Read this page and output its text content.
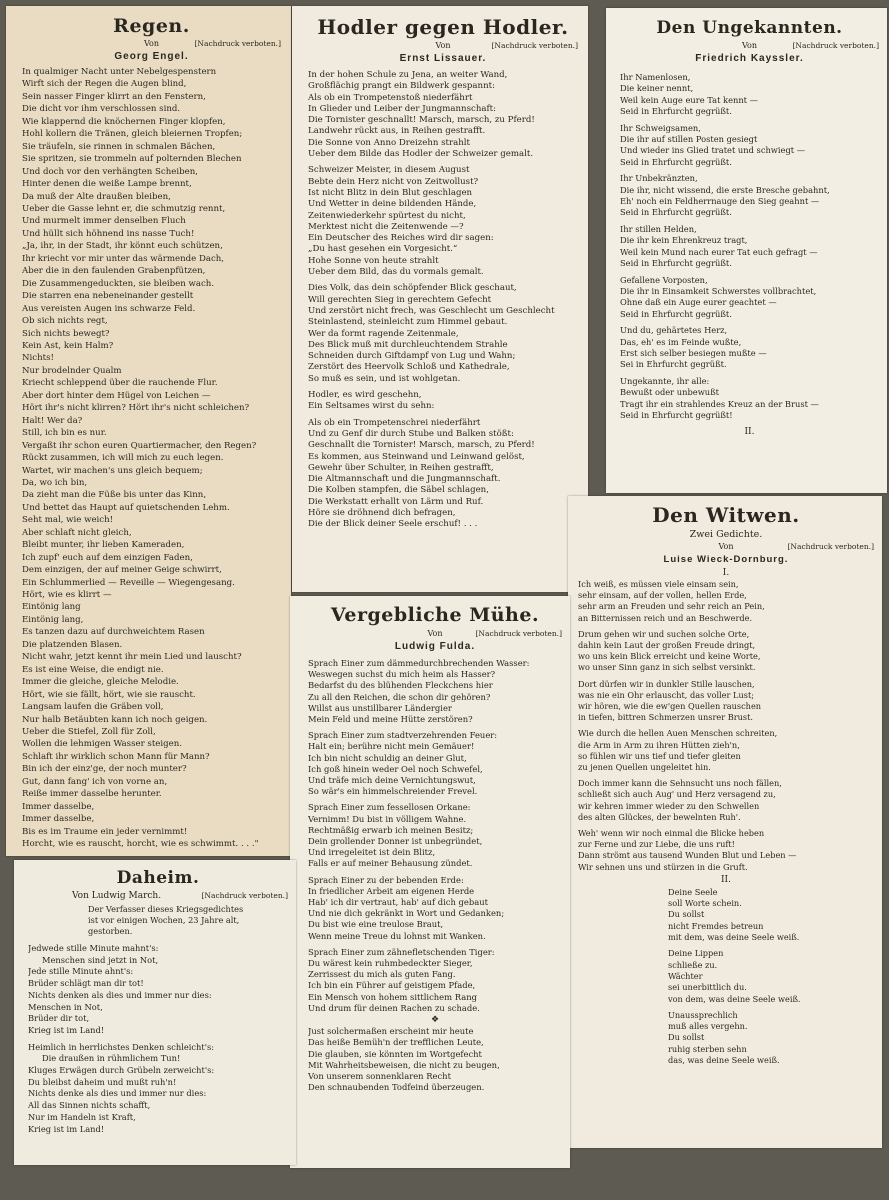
Regen.
Von	[Nachdruck verboten.]
Georg Engel.
In qualmiger Nacht unter Nebelgespenstern
Wirft sich der Regen die Augen blind,
Sein nasser Finger klirrt an den Fenstern,
Die dicht vor ihm verschlossen sind.
Wie klappernd die knöchernen Finger klopfen,
Hohl kollern die Tränen, gleich bleiernen Tropfen;
Sie träufeln, sie rinnen in schmalen Bächen,
Sie spritzen, sie trommeln auf polternden Blechen
Und doch vor den verhängten Scheiben,
Hinter denen die weiße Lampe brennt,
Da muß der Alte draußen bleiben,
Ueber die Gasse lehnt er, die schmutzig rennt,
Und murmelt immer denselben Fluch
Und hüllt sich höhnend ins nasse Tuch!
„Ja, ihr, in der Stadt, ihr könnt euch schützen,
Ihr kriecht vor mir unter das wärmende Dach,
Aber die in den faulenden Grabenpfützen,
Die Zusammengeduckten, sie bleiben wach.
Die starren ena nebeneinander gestellt
Aus vereisten Augen ins schwarze Feld.
Ob sich nichts regt,
Sich nichts bewegt?
Kein Ast, kein Halm?
Nichts!
Nur brodelnder Qualm
Kriecht schleppend über die rauchende Flur.
Aber dort hinter dem Hügel von Leichen —
Hört ihr's nicht klirren? Hört ihr's nicht schleichen?
Halt! Wer da?
Still, ich bin es nur.
Vergaßt ihr schon euren Quartiermacher, den Regen?
Rückt zusammen, ich will mich zu euch legen.
Wartet, wir machen's uns gleich bequem;
Da, wo ich bin,
Da zieht man die Füße bis unter das Kinn,
Und bettet das Haupt auf quietschenden Lehm.
Seht mal, wie weich!
Aber schlaft nicht gleich,
Bleibt munter, ihr lieben Kameraden,
Ich zupf' euch auf dem einzigen Faden,
Dem einzigen, der auf meiner Geige schwirrt,
Ein Schlummerlied — Reveille — Wiegengesang.
Hört, wie es klirrt —
Eintönig lang
Eintönig lang,
Es tanzen dazu auf durchweichtem Rasen
Die platzenden Blasen.
Nicht wahr, jetzt kennt ihr mein Lied und lauscht?
Es ist eine Weise, die endigt nie.
Immer die gleiche, gleiche Melodie.
Hört, wie sie fällt, hört, wie sie rauscht.
Langsam laufen die Gräben voll,
Nur halb Betäubten kann ich noch geigen.
Ueber die Stiefel, Zoll für Zoll,
Wollen die lehmigen Wasser steigen.
Schlaft ihr wirklich schon Mann für Mann?
Bin ich der einz'ge, der noch munter?
Gut, dann fang' ich von vorne an,
Reiße immer dasselbe herunter.
Immer dasselbe,
Immer dasselbe,
Bis es im Traume ein jeder vernimmt!
Horcht, wie es rauscht, horcht, wie es schwimmt. . . ."
Hodler gegen Hodler.
Von	[Nachdruck verboten.]
Ernst Lissauer.
In der hohen Schule zu Jena, an weiter Wand,
Großflächig prangt ein Bildwerk gespannt:
Als ob ein Trompetenstoß niederfährt
In Glieder und Leiber der Jungmannschaft:
Die Tornister geschnallt! Marsch, marsch, zu Pferd!
Landwehr rückt aus, in Reihen gestrafft.
Die Sonne von Anno Dreizehn strahlt
Ueber dem Bilde das Hodler der Schweizer gemalt.
Schweizer Meister, in diesem August
Bebte dein Herz nicht von Zeitwollust?
Ist nicht Blitz in dein Blut geschlagen
Und Wetter in deine bildenden Hände,
Zeitenwiederkehr spürtest du nicht,
Merktest nicht die Zeitenwende —?
Ein Deutscher des Reiches wird dir sagen:
„Du hast gesehen ein Vorgesicht.“
Hohe Sonne von heute strahlt
Ueber dem Bild, das du vormals gemalt.
Dies Volk, das dein schöpfender Blick geschaut,
Will gerechten Sieg in gerechtem Gefecht
Und zerstört nicht frech, was Geschlecht um Geschlecht
Steinlastend, steinleicht zum Himmel gebaut.
Wer da formt ragende Zeitenmale,
Des Blick muß mit durchleuchtendem Strahle
Schneiden durch Giftdampf von Lug und Wahn;
Zerstört des Heervolk Schloß und Kathedrale,
So muß es sein, und ist wohlgetan.
Hodler, es wird geschehn,
Ein Seltsames wirst du sehn:
Als ob ein Trompetenschrei niederfährt
Und zu Genf dir durch Stube und Balken stößt:
Geschnallt die Tornister! Marsch, marsch, zu Pferd!
Es kommen, aus Steinwand und Leinwand gelöst,
Gewehr über Schulter, in Reihen gestrafft,
Die Altmannschaft und die Jungmannschaft.
Die Kolben stampfen, die Säbel schlagen,
Die Werkstatt erhallt von Lärm und Ruf.
Höre sie dröhnend dich befragen,
Die der Blick deiner Seele erschuf! . . .
Den Ungekannten.
Von	[Nachdruck verboten.]
Friedrich Kayssler.
Ihr Namenlosen,
Die keiner nennt,
Weil kein Auge eure Tat kennt —
Seid in Ehrfurcht gegrüßt.
Ihr Schweigsamen,
Die ihr auf stillen Posten gesiegt
Und wieder ins Glied tratet und schwiegt —
Seid in Ehrfurcht gegrüßt.
Ihr Unbekränzten,
Die ihr, nicht wissend, die erste Bresche gebahnt,
Eh' noch ein Feldherrnauge den Sieg geahnt —
Seid in Ehrfurcht gegrüßt.
Ihr stillen Helden,
Die ihr kein Ehrenkreuz tragt,
Weil kein Mund nach eurer Tat euch gefragt —
Seid in Ehrfurcht gegrüßt.
Gefallene Vorposten,
Die ihr in Einsamkeit Schwerstes vollbrachtet,
Ohne daß ein Auge eurer geachtet —
Seid in Ehrfurcht gegrüßt.
Und du, gehärtetes Herz,
Das, eh' es im Feinde wußte,
Erst sich selber besiegen mußte —
Sei in Ehrfurcht gegrüßt.
Ungekannte, ihr alle:
Bewußt oder unbewußt
Tragt ihr ein strahlendes Kreuz an der Brust —
Seid in Ehrfurcht gegrüßt!
II.
Den Witwen.
Zwei Gedichte.
Von	[Nachdruck verboten.]
Luise Wieck-Dornburg.
I.
Ich weiß, es müssen viele einsam sein,
sehr einsam, auf der vollen, hellen Erde,
sehr arm an Freuden und sehr reich an Pein,
an Bitternissen reich und an Beschwerde.
Drum gehen wir und suchen solche Orte,
dahin kein Laut der großen Freude dringt,
wo uns kein Blick erreicht und keine Worte,
wo unser Sinn ganz in sich selbst versinkt.
Dort dürfen wir in dunkler Stille lauschen,
was nie ein Ohr erlauscht, das voller Lust;
wir hören, wie die ew'gen Quellen rauschen
in tiefen, bittren Schmerzen unsrer Brust.
Wie durch die hellen Auen Menschen schreiten,
die Arm in Arm zu ihren Hütten zieh'n,
so fühlen wir uns tief und tiefer gleiten
zu jenen Quellen ungeleitet hin.
Doch immer kann die Sehnsucht uns noch fällen,
schließt sich auch Aug' und Herz versagend zu,
wir kehren immer wieder zu den Schwellen
des alten Glückes, der bewelnten Ruh'.
Weh' wenn wir noch einmal die Blicke heben
zur Ferne und zur Liebe, die uns ruft!
Dann strömt aus tausend Wunden Blut und Leben —
Wir sehnen uns und stürzen in die Gruft.
II.
Deine Seele
soll Worte schein.
Du sollst
nicht Fremdes betreun
mit dem, was deine Seele weiß.
Deine Lippen
schließe zu.
Wächter
sei unerbittlich du.
von dem, was deine Seele weiß.
Unaussprechlich
muß alles vergehn.
Du sollst
ruhig sterben sehn
das, was deine Seele weiß.
Vergebliche Mühe.
Von	[Nachdruck verboten.]
Ludwig Fulda.
Sprach Einer zum dämmedurchbrechenden Wasser:
Weswegen suchst du mich heim als Hasser?
Bedarfst du des blühenden Fleckchens hier
Zu all den Reichen, die schon dir gehören?
Willst aus unstillbarer Ländergier
Mein Feld und meine Hütte zerstören?
Sprach Einer zum stadtverzehrenden Feuer:
Halt ein; berühre nicht mein Gemäuer!
Ich bin nicht schuldig an deiner Glut,
Ich goß hinein weder Oel noch Schwefel,
Und träfe mich deine Vernichtungswut,
So wär's ein himmelschreiender Frevel.
Sprach Einer zum fessellosen Orkane:
Vernimm! Du bist in völligem Wahne.
Rechtmäßig erwarb ich meinen Besitz;
Dein grollender Donner ist unbegründet,
Und irregeleitet ist dein Blitz,
Falls er auf meiner Behausung zündet.
Sprach Einer zu der bebenden Erde:
In friedlicher Arbeit am eigenen Herde
Hab' ich dir vertraut, hab' auf dich gebaut
Und nie dich gekränkt in Wort und Gedanken;
Du bist wie eine treulose Braut,
Wenn meine Treue du lohnst mit Wanken.
Sprach Einer zum zähnefletschenden Tiger:
Du wärest kein ruhmbedeckter Sieger,
Zerrissest du mich als guten Fang.
Ich bin ein Führer auf geistigem Pfade,
Ein Mensch von hohem sittlichem Rang
Und drum für deinen Rachen zu schade.
❖
Just solchermaßen erscheint mir heute
Das heiße Bemüh'n der trefflichen Leute,
Die glauben, sie könnten im Wortgefecht
Mit Wahrheitsbeweisen, die nicht zu beugen,
Von unserem sonnenklaren Recht
Den schnaubenden Todfeind überzeugen.
Daheim.
Von Ludwig March.	[Nachdruck verboten.]
Der Verfasser dieses Kriegsgedichtes
ist vor einigen Wochen, 23 Jahre alt,
gestorben.
Jedwede stille Minute mahnt's:
Menschen sind jetzt in Not,
Jede stille Minute ahnt's:
Brüder schlägt man dir tot!
Nichts denken als dies und immer nur dies:
Menschen in Not,
Brüder dir tot,
Krieg ist im Land!
Heimlich in herrlichstes Denken schleicht's:
Die draußen in rühmlichem Tun!
Kluges Erwägen durch Grübeln zerweicht's:
Du bleibst daheim und mußt ruh'n!
Nichts denke als dies und immer nur dies:
All das Sinnen nichts schafft,
Nur im Handeln ist Kraft,
Krieg ist im Land!
